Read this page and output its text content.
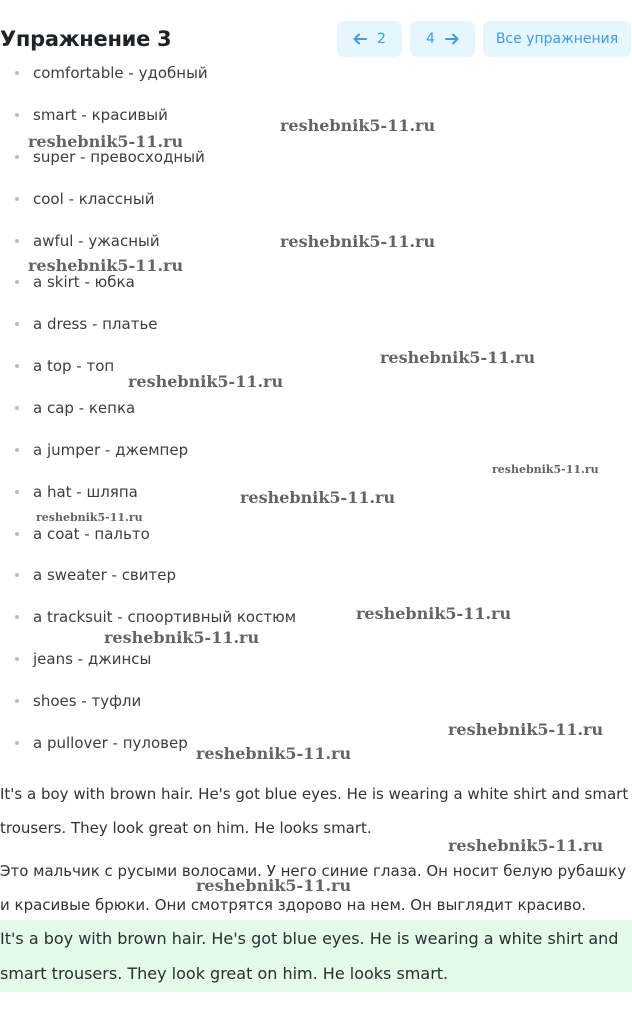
Упражнение 3	2	4	Все упражнения
comfortable - удобный
smart - красивый
super - превосходный
cool - классный
awful - ужасный
a skirt - юбка
a dress - платье
a top - топ
a cap - кепка
a jumper - джемпер
a hat - шляпа
a coat - пальто
a sweater - свитер
a tracksuit - спoортивный костюм
jeans - джинсы
shoes - туфли
a pullover - пуловер

It's a boy with brown hair. He's got blue eyes. He is wearing a white shirt and smart trousers. They look great on him. He looks smart.

Это мальчик с русыми волосами. У него синие глаза. Он носит белую рубашку и красивые брюки. Они смотрятся здорово на нем. Он выглядит красиво.

It's a boy with brown hair. He's got blue eyes. He is wearing a white shirt and smart trousers. They look great on him. He looks smart.

reshebnik5-11.ru
reshebnik5-11.ru
reshebnik5-11.ru
reshebnik5-11.ru
reshebnik5-11.ru
reshebnik5-11.ru
reshebnik5-11.ru
reshebnik5-11.ru
reshebnik5-11.ru
reshebnik5-11.ru
reshebnik5-11.ru
reshebnik5-11.ru
reshebnik5-11.ru
reshebnik5-11.ru
reshebnik5-11.ru
